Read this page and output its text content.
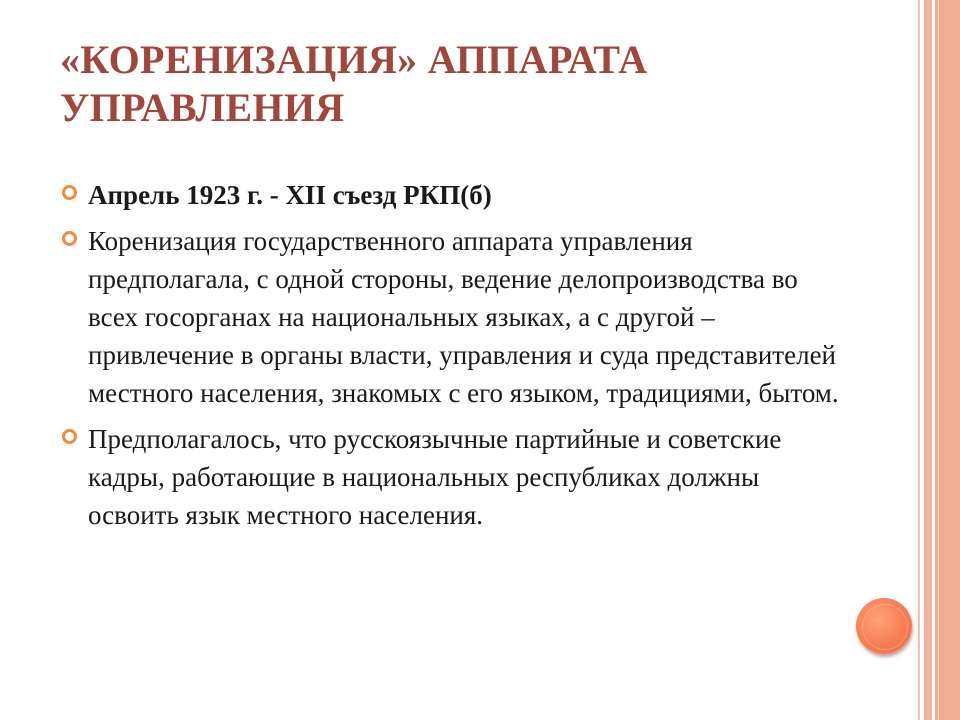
«КОРЕНИЗАЦИЯ» АППАРАТА УПРАВЛЕНИЯ
Апрель 1923 г. - XII съезд РКП(б)
Коренизация государственного аппарата управления предполагала, с одной стороны, ведение делопроизводства во всех госорганах на национальных языках, а с другой – привлечение в органы власти, управления и суда представителей местного населения, знакомых с его языком, традициями, бытом.
Предполагалось, что русскоязычные партийные и советские кадры, работающие в национальных республиках должны освоить язык местного населения.
